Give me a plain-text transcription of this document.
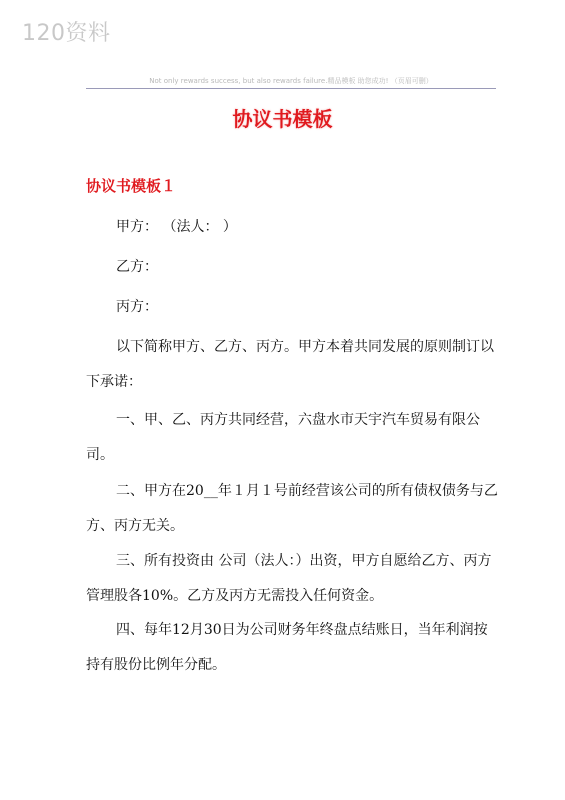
120资料
Not only rewards success, but also rewards failure.精品模板 助您成功! （页眉可删）
协议书模板
协议书模板１
甲方： （法人： ）
乙方：
丙方：
以下简称甲方、乙方、丙方。甲方本着共同发展的原则制订以下承诺：
一、甲、乙、丙方共同经营，六盘水市天宇汽车贸易有限公司。
二、甲方在20__年１月１号前经营该公司的所有债权债务与乙方、丙方无关。
三、所有投资由 公司（法人：）出资，甲方自愿给乙方、丙方管理股各10%。乙方及丙方无需投入任何资金。
四、每年12月30日为公司财务年终盘点结账日，当年利润按持有股份比例年分配。
